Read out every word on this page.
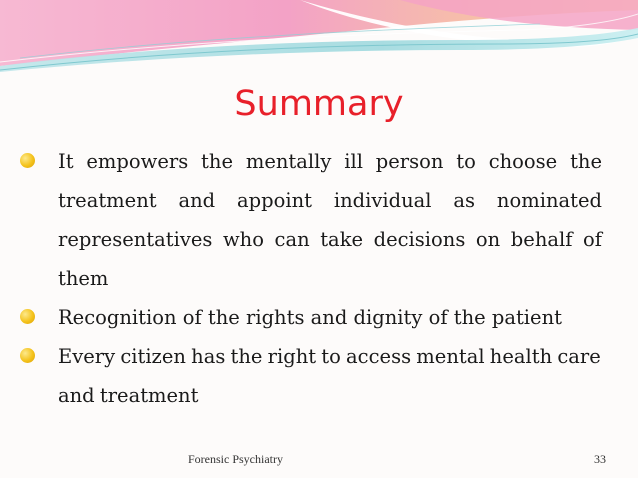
Summary
It empowers the mentally ill person to choose the treatment and appoint individual as nominated representatives who can take decisions on behalf of them
Recognition of the rights and dignity of the patient
Every citizen has the right to access mental health care and treatment
Forensic Psychiatry	33
